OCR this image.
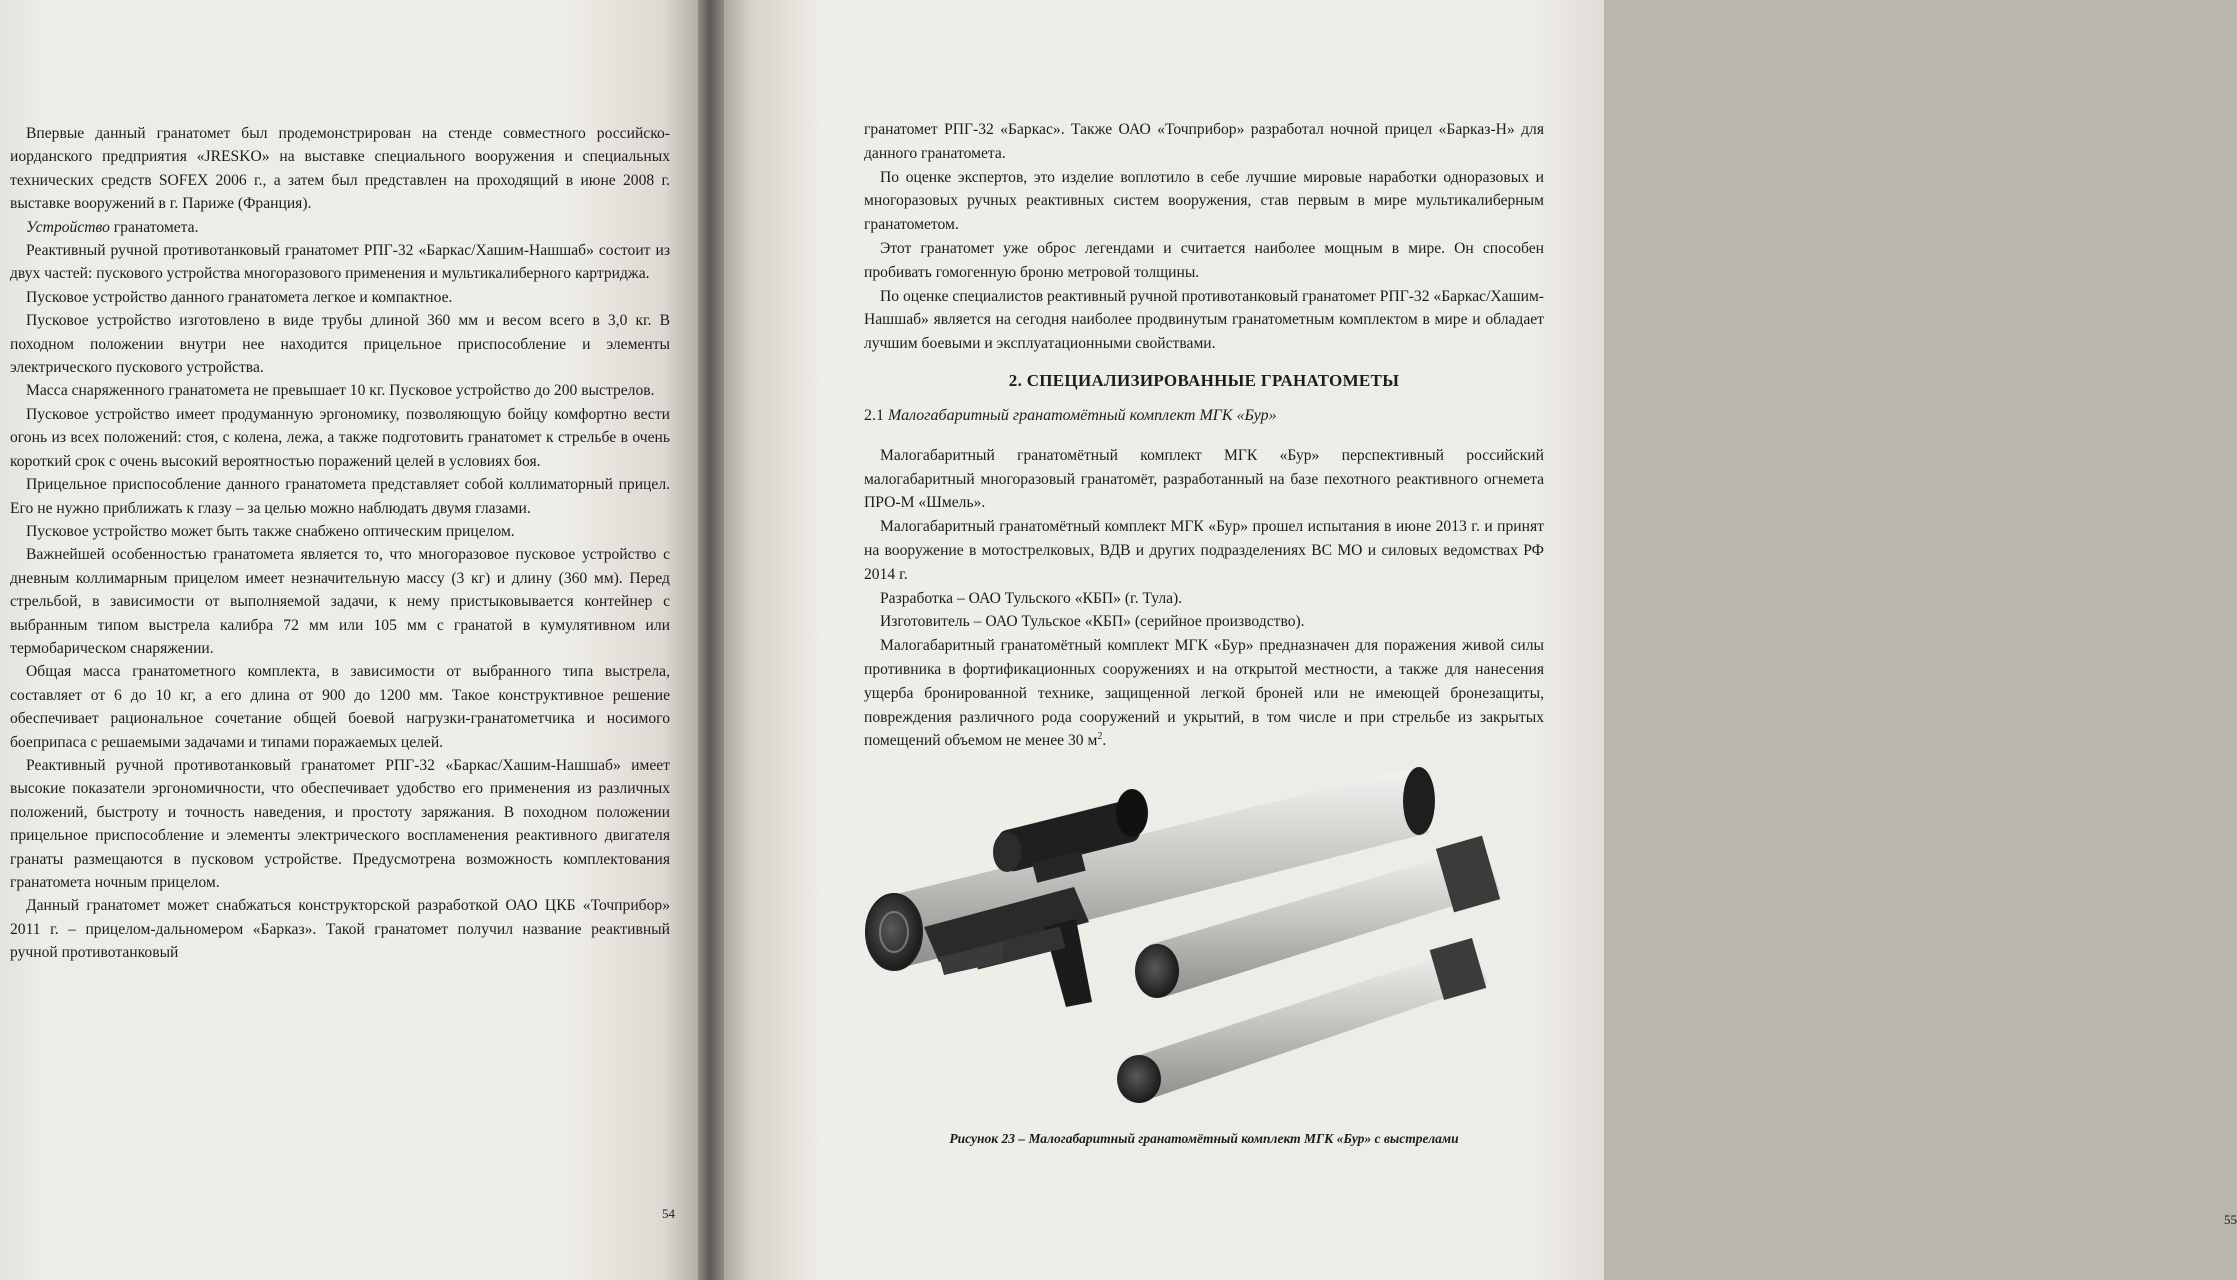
Впервые данный гранатомет был продемонстрирован на стенде совместного российско-иорданского предприятия «JRESKO» на выставке специального вооружения и специальных технических средств SOFEX 2006 г., а затем был представлен на проходящий в июне 2008 г. выставке вооружений в г. Париже (Франция).

Устройство гранатомета.

Реактивный ручной противотанковый гранатомет РПГ-32 «Баркас/Хашим-Нашшаб» состоит из двух частей: пускового устройства многоразового применения и мультикалиберного картриджа.

Пусковое устройство данного гранатомета легкое и компактное.

Пусковое устройство изготовлено в виде трубы длиной 360 мм и весом всего в 3,0 кг. В походном положении внутри нее находится прицельное приспособление и элементы электрического пускового устройства.

Масса снаряженного гранатомета не превышает 10 кг. Пусковое устройство до 200 выстрелов.

Пусковое устройство имеет продуманную эргономику, позволяющую бойцу комфортно вести огонь из всех положений: стоя, с колена, лежа, а также подготовить гранатомет к стрельбе в очень короткий срок с очень высокий вероятностью поражений целей в условиях боя.

Прицельное приспособление данного гранатомета представляет собой коллиматорный прицел. Его не нужно приближать к глазу – за целью можно наблюдать двумя глазами.

Пусковое устройство может быть также снабжено оптическим прицелом.

Важнейшей особенностью гранатомета является то, что многоразовое пусковое устройство с дневным коллимарным прицелом имеет незначительную массу (3 кг) и длину (360 мм). Перед стрельбой, в зависимости от выполняемой задачи, к нему пристыковывается контейнер с выбранным типом выстрела калибра 72 мм или 105 мм с гранатой в кумулятивном или термобарическом снаряжении.

Общая масса гранатометного комплекта, в зависимости от выбранного типа выстрела, составляет от 6 до 10 кг, а его длина от 900 до 1200 мм. Такое конструктивное решение обеспечивает рациональное сочетание общей боевой нагрузки-гранатометчика и носимого боеприпаса с решаемыми задачами и типами поражаемых целей.

Реактивный ручной противотанковый гранатомет РПГ-32 «Баркас/Хашим-Нашшаб» имеет высокие показатели эргономичности, что обеспечивает удобство его применения из различных положений, быстроту и точность наведения, и простоту заряжания. В походном положении прицельное приспособление и элементы электрического воспламенения реактивного двигателя гранаты размещаются в пусковом устройстве. Предусмотрена возможность комплектования гранатомета ночным прицелом.

Данный гранатомет может снабжаться конструкторской разработкой ОАО ЦКБ «Точприбор» 2011 г. – прицелом-дальномером «Барказ». Такой гранатомет получил название реактивный ручной противотанковый

54

гранатомет РПГ-32 «Баркас». Также ОАО «Точприбор» разработал ночной прицел «Барказ-Н» для данного гранатомета.

По оценке экспертов, это изделие воплотило в себе лучшие мировые наработки одноразовых и многоразовых ручных реактивных систем вооружения, став первым в мире мультикалиберным гранатометом.

Этот гранатомет уже оброс легендами и считается наиболее мощным в мире. Он способен пробивать гомогенную броню метровой толщины.

По оценке специалистов реактивный ручной противотанковый гранатомет РПГ-32 «Баркас/Хашим-Нашшаб» является на сегодня наиболее продвинутым гранатометным комплектом в мире и обладает лучшим боевыми и эксплуатационными свойствами.

2. СПЕЦИАЛИЗИРОВАННЫЕ ГРАНАТОМЕТЫ

2.1 Малогабаритный гранатомётный комплект МГК «Бур»

Малогабаритный гранатомётный комплект МГК «Бур» перспективный российский малогабаритный многоразовый гранатомёт, разработанный на базе пехотного реактивного огнемета ПРО-М «Шмель».

Малогабаритный гранатомётный комплект МГК «Бур» прошел испытания в июне 2013 г. и принят на вооружение в мотострелковых, ВДВ и других подразделениях ВС МО и силовых ведомствах РФ 2014 г.

Разработка – ОАО Тульского «КБП» (г. Тула).

Изготовитель – ОАО Тульское «КБП» (серийное производство).

Малогабаритный гранатомётный комплект МГК «Бур» предназначен для поражения живой силы противника в фортификационных сооружениях и на открытой местности, а также для нанесения ущерба бронированной технике, защищенной легкой броней или не имеющей бронезащиты, повреждения различного рода сооружений и укрытий, в том числе и при стрельбе из закрытых помещений объемом не менее 30 $м^2$.

Рисунок 23 – Малогабаритный гранатомётный комплект МГК «Бур» с выстрелами

55
